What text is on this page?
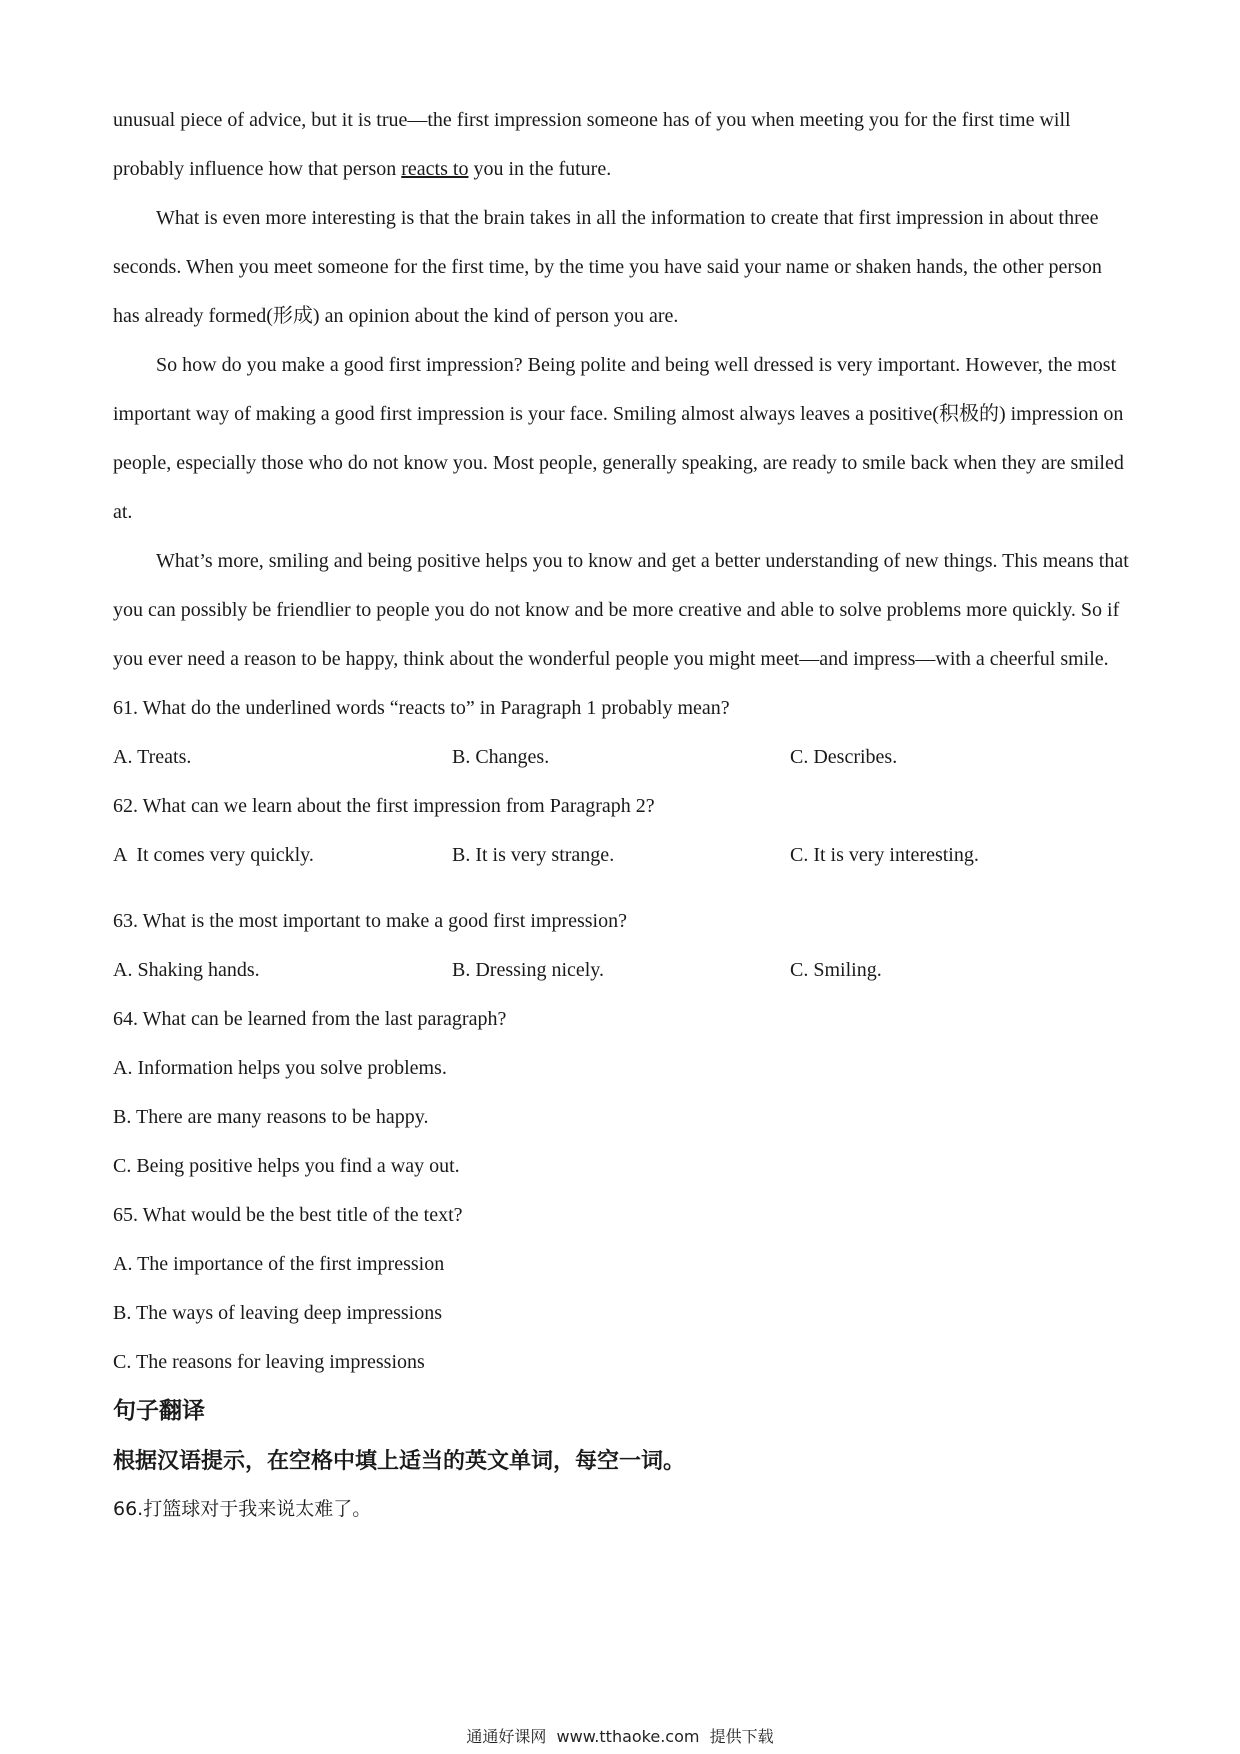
unusual piece of advice, but it is true—the first impression someone has of you when meeting you for the first time will probably influence how that person reacts to you in the future.

What is even more interesting is that the brain takes in all the information to create that first impression in about three seconds. When you meet someone for the first time, by the time you have said your name or shaken hands, the other person has already formed(形成) an opinion about the kind of person you are.

So how do you make a good first impression? Being polite and being well dressed is very important. However, the most important way of making a good first impression is your face. Smiling almost always leaves a positive(积极的) impression on people, especially those who do not know you. Most people, generally speaking, are ready to smile back when they are smiled at.

What’s more, smiling and being positive helps you to know and get a better understanding of new things. This means that you can possibly be friendlier to people you do not know and be more creative and able to solve problems more quickly. So if you ever need a reason to be happy, think about the wonderful people you might meet—and impress—with a cheerful smile.

61. What do the underlined words “reacts to” in Paragraph 1 probably mean?

A. Treats.	B. Changes.	C. Describes.

62. What can we learn about the first impression from Paragraph 2?

A  It comes very quickly.	B. It is very strange.	C. It is very interesting.

63. What is the most important to make a good first impression?

A. Shaking hands.	B. Dressing nicely.	C. Smiling.

64. What can be learned from the last paragraph?

A. Information helps you solve problems.

B. There are many reasons to be happy.

C. Being positive helps you find a way out.

65. What would be the best title of the text?

A. The importance of the first impression

B. The ways of leaving deep impressions

C. The reasons for leaving impressions

句子翻译

根据汉语提示，在空格中填上适当的英文单词，每空一词。

66.打篮球对于我来说太难了。

通通好课网  www.tthaoke.com  提供下载
